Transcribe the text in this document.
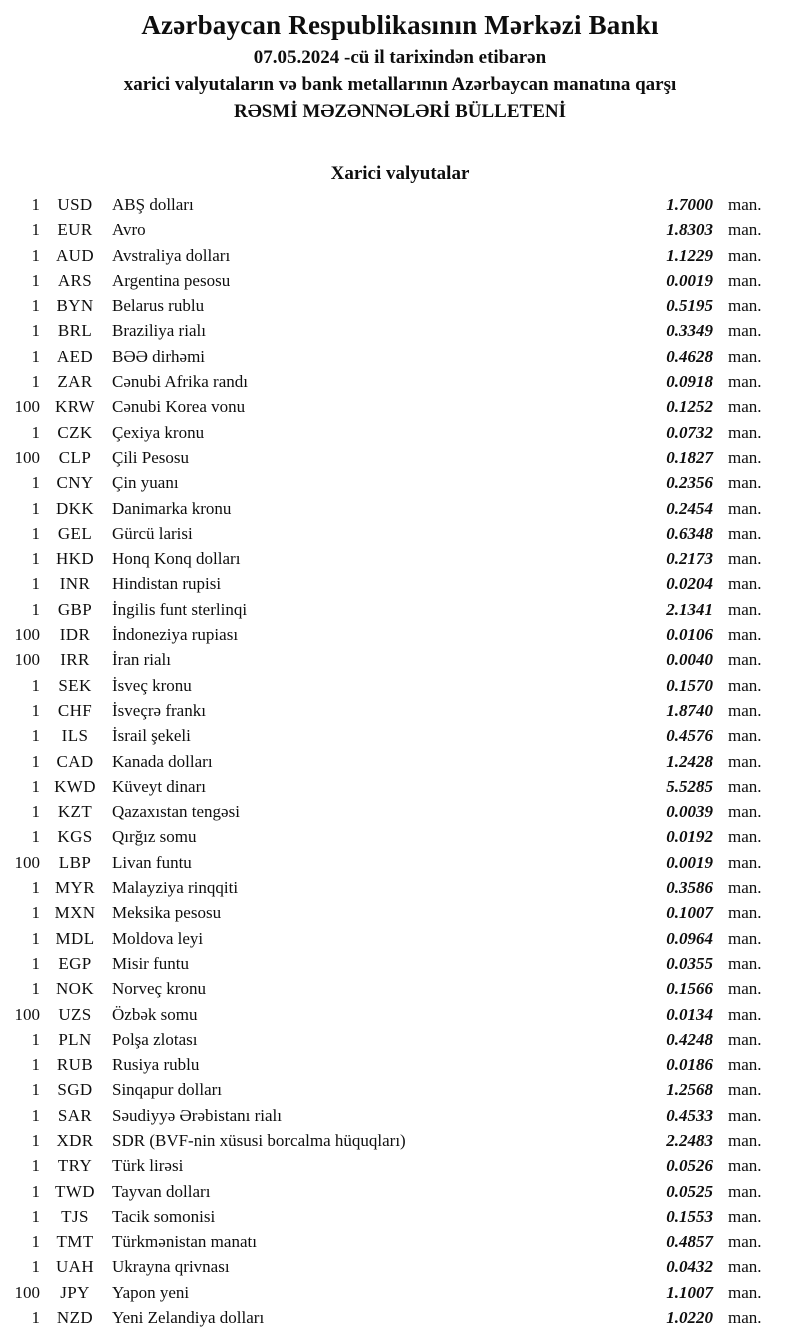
Azərbaycan Respublikasının Mərkəzi Bankı
07.05.2024 -cü il tarixindən etibarən
xarici valyutaların və bank metallarının Azərbaycan manatına qarşı
RƏSMİ MƏZƏNNƏLƏRİ BÜLLETENİ
Xarici valyutalar
1	USD	ABŞ dolları	1.7000 man.
1	EUR	Avro	1.8303 man.
1 AUD	Avstraliya dolları	1.1229 man.
1	ARS	Argentina pesosu	0.0019 man.
1 BYN	Belarus rublu	0.5195 man.
1	BRL	Braziliya rialı	0.3349 man.
1 AED	BƏƏ dirhəmi	0.4628 man.
1	ZAR	Cənubi Afrika randı	0.0918 man.
100 KRW	Cənubi Korea vonu	0.1252 man.
1	CZK	Çexiya kronu	0.0732 man.
100	CLP	Çili Pesosu	0.1827 man.
1 CNY	Çin yuanı	0.2356 man.
1 DKK	Danimarka kronu	0.2454 man.
1	GEL	Gürcü larisi	0.6348 man.
1 HKD	Honq Konq dolları	0.2173 man.
1	INR	Hindistan rupisi	0.0204 man.
1	GBP	İngilis funt sterlinqi	2.1341 man.
100	IDR	İndoneziya rupiası	0.0106 man.
100	IRR	İran rialı	0.0040 man.
1	SEK	İsveç kronu	0.1570 man.
1	CHF	İsveçrə frankı	1.8740 man.
1	ILS	İsrail şekeli	0.4576 man.
1 CAD	Kanada dolları	1.2428 man.
1 KWD Küveyt dinarı	5.5285 man.
1	KZT	Qazaxıstan tengəsi	0.0039 man.
1	KGS	Qırğız somu	0.0192 man.
100	LBP	Livan funtu	0.0019 man.
1 MYR	Malayziya rinqqiti	0.3586 man.
1 MXN Meksika pesosu	0.1007 man.
1 MDL	Moldova leyi	0.0964 man.
1	EGP	Misir funtu	0.0355 man.
1 NOK	Norveç kronu	0.1566 man.
100	UZS	Özbək somu	0.0134 man.
1	PLN	Polşa zlotası	0.4248 man.
1 RUB	Rusiya rublu	0.0186 man.
1	SGD	Sinqapur dolları	1.2568 man.
1	SAR	Səudiyyə Ərəbistanı rialı	0.4533 man.
1 XDR	SDR (BVF-nin xüsusi borcalma hüquqları)	2.2483 man.
1	TRY	Türk lirəsi	0.0526 man.
1 TWD	Tayvan dolları	0.0525 man.
1	TJS	Tacik somonisi	0.1553 man.
1 TMT	Türkmənistan manatı	0.4857 man.
1 UAH	Ukrayna qrivnası	0.0432 man.
100	JPY	Yapon yeni	1.1007 man.
1 NZD	Yeni Zelandiya dolları	1.0220 man.
